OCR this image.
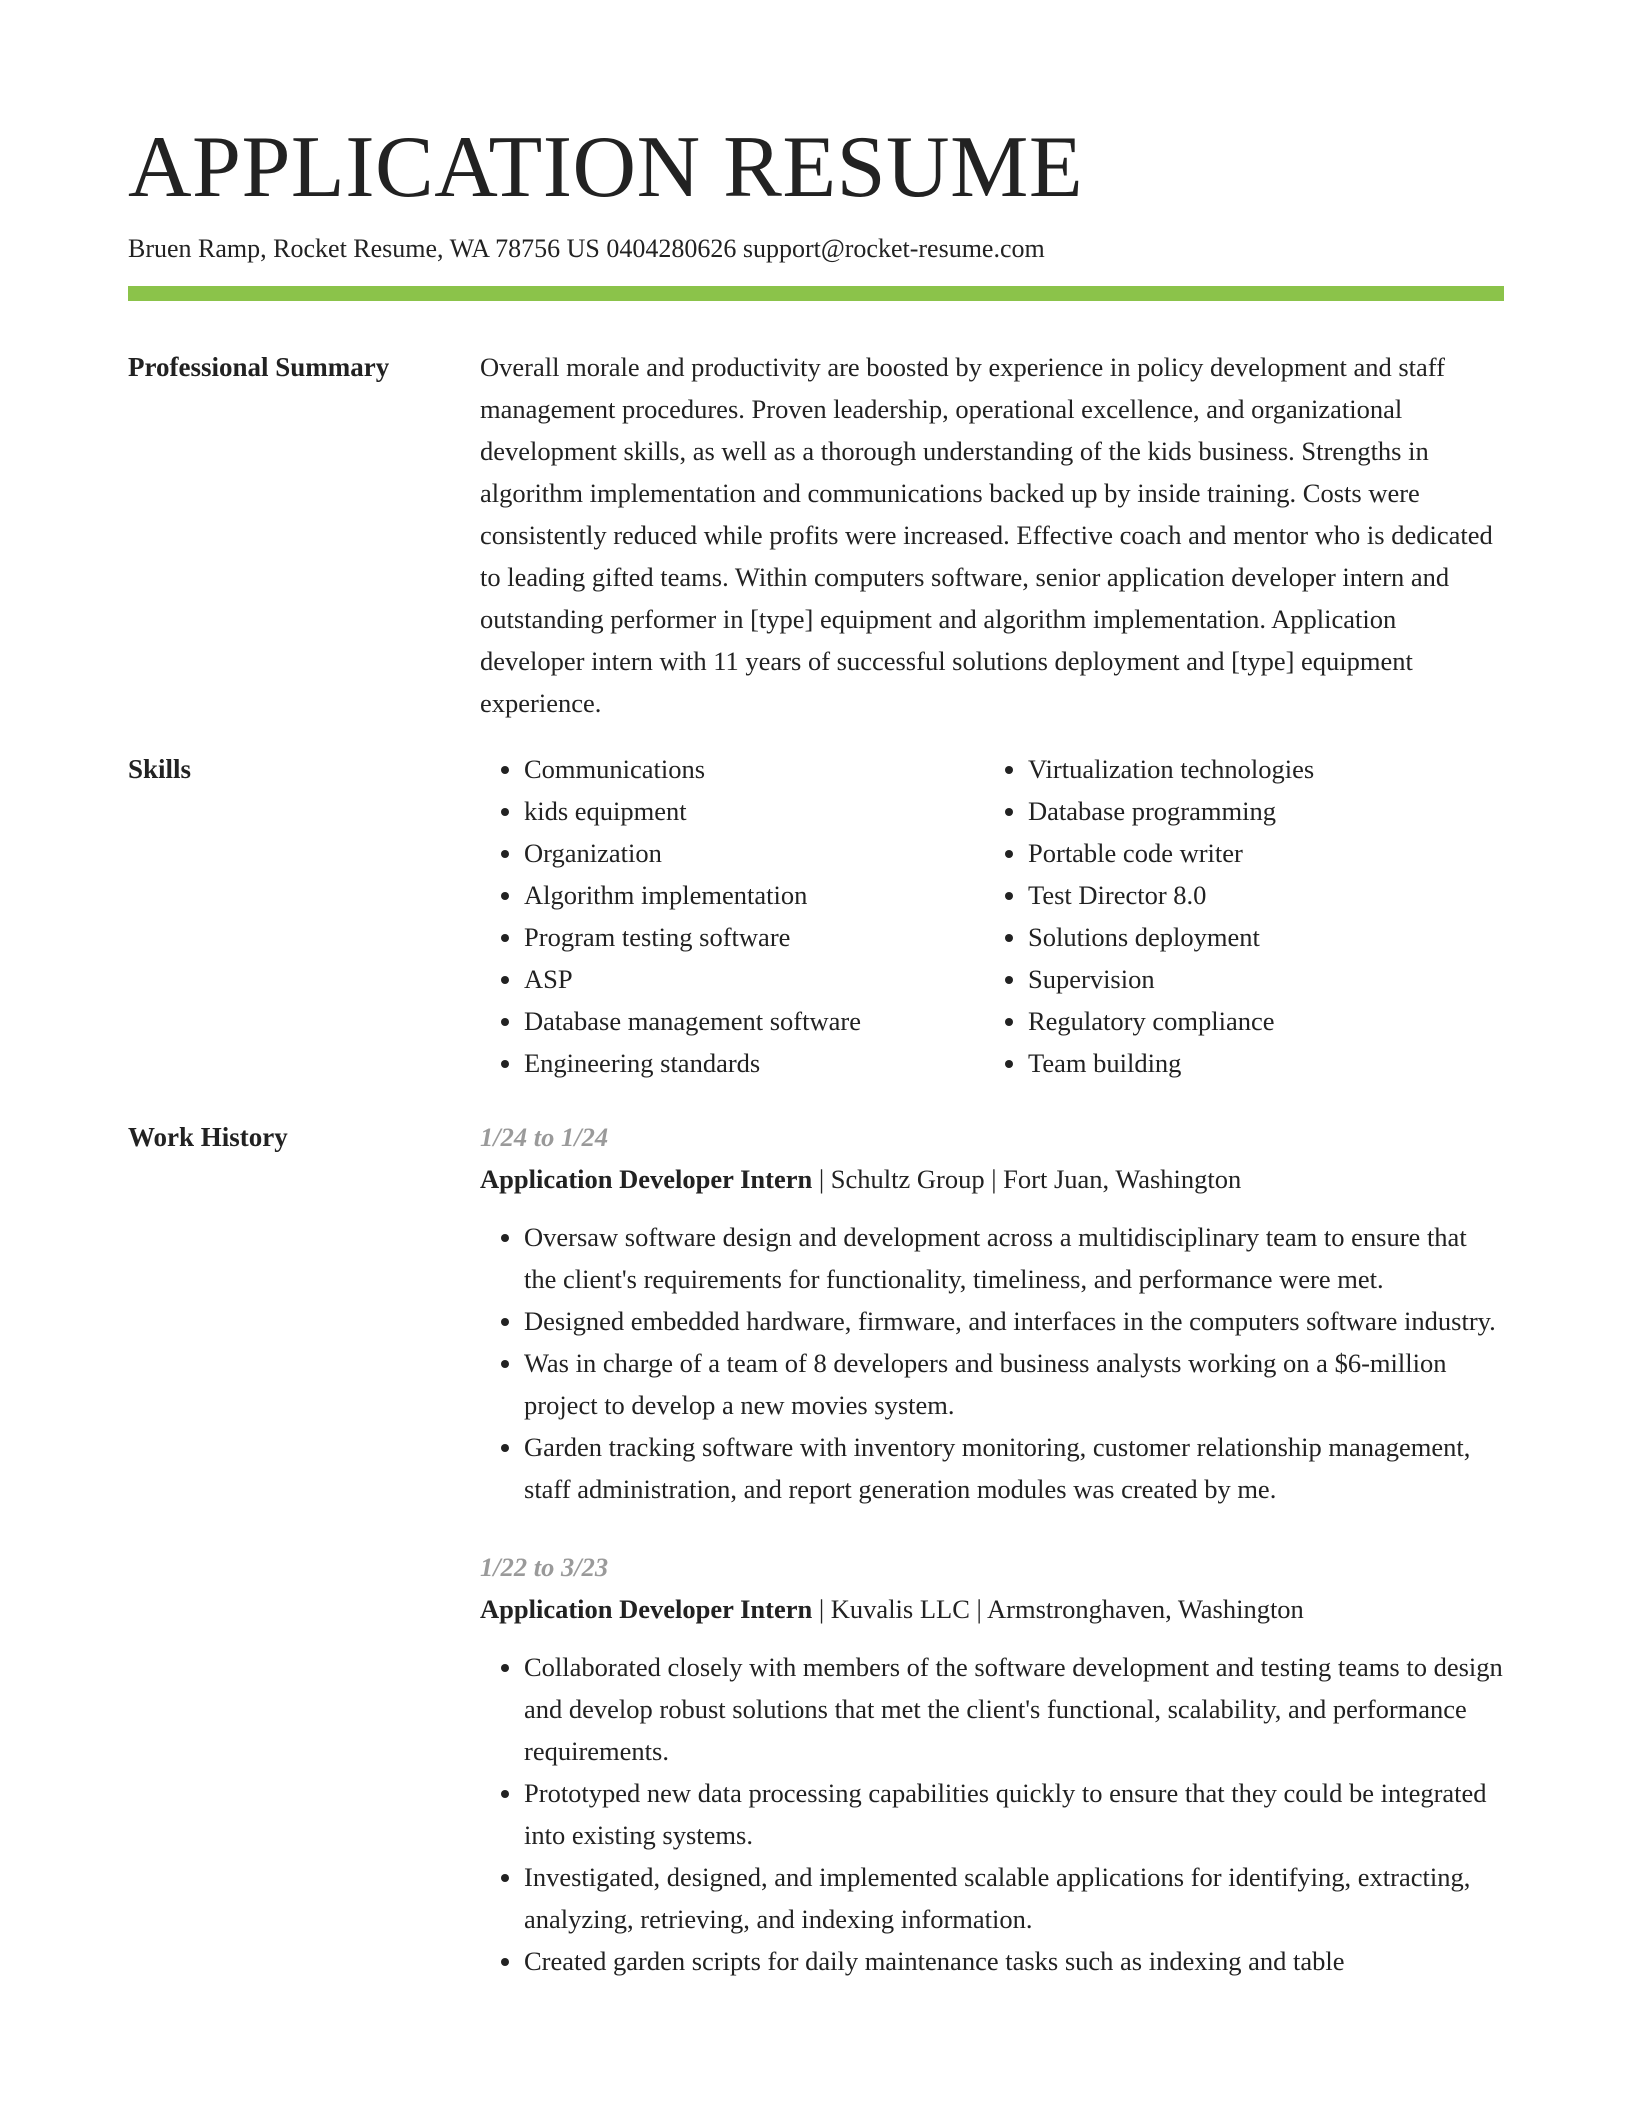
APPLICATION RESUME
Bruen Ramp, Rocket Resume, WA 78756 US 0404280626 support@rocket-resume.com
Professional Summary	Overall morale and productivity are boosted by experience in policy development and staff management procedures. Proven leadership, operational excellence, and organizational development skills, as well as a thorough understanding of the kids business. Strengths in algorithm implementation and communications backed up by inside training. Costs were consistently reduced while profits were increased. Effective coach and mentor who is dedicated to leading gifted teams. Within computers software, senior application developer intern and outstanding performer in [type] equipment and algorithm implementation. Application developer intern with 11 years of successful solutions deployment and [type] equipment experience.

Skills
•	Communications
• kids equipment
• Organization
• Algorithm implementation
• Program testing software
• ASP
• Database management software
• Engineering standards
• Virtualization technologies
• Database programming
• Portable code writer
• Test Director 8.0
• Solutions deployment
• Supervision
• Regulatory compliance
• Team building
Work History	1/24 to 1/24
Application Developer Intern | Schultz Group | Fort Juan, Washington
• Oversaw software design and development across a multidisciplinary team to ensure that the client's requirements for functionality, timeliness, and performance were met.
• Designed embedded hardware, firmware, and interfaces in the computers software industry.
• Was in charge of a team of 8 developers and business analysts working on a $6-million project to develop a new movies system.
• Garden tracking software with inventory monitoring, customer relationship management, staff administration, and report generation modules was created by me.
1/22 to 3/23
Application Developer Intern | Kuvalis LLC | Armstronghaven, Washington
• Collaborated closely with members of the software development and testing teams to design and develop robust solutions that met the client's functional, scalability, and performance requirements.
• Prototyped new data processing capabilities quickly to ensure that they could be integrated into existing systems.
• Investigated, designed, and implemented scalable applications for identifying, extracting, analyzing, retrieving, and indexing information.
• Created garden scripts for daily maintenance tasks such as indexing and table
